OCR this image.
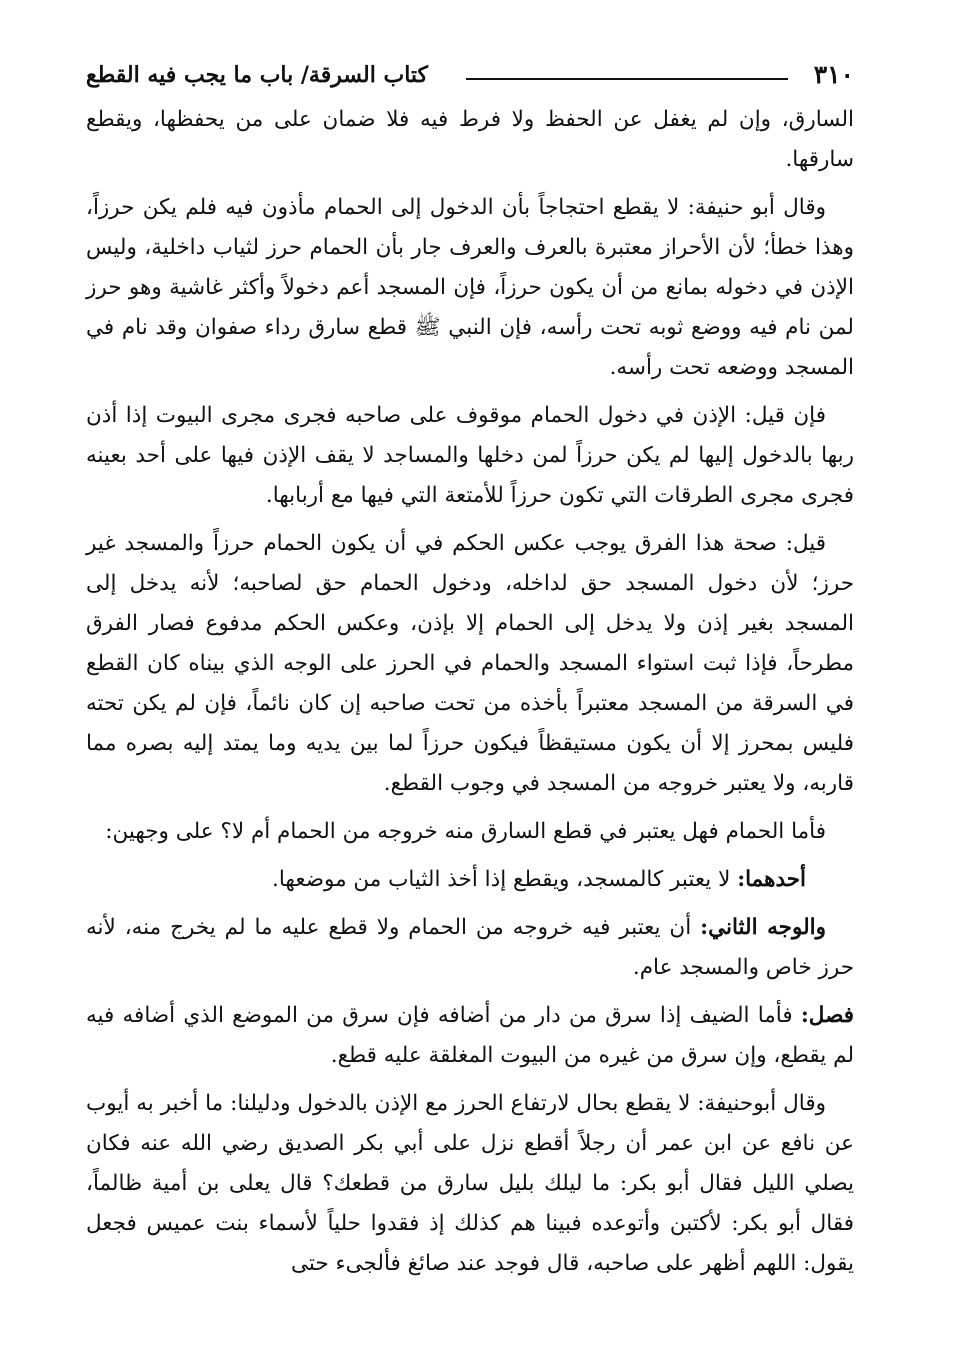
٣١٠
كتاب السرقة/ باب ما يجب فيه القطع

السارق، وإن لم يغفل عن الحفظ ولا فرط فيه فلا ضمان على من يحفظها، ويقطع سارقها.

وقال أبو حنيفة: لا يقطع احتجاجاً بأن الدخول إلى الحمام مأذون فيه فلم يكن حرزاً، وهذا خطأ؛ لأن الأحراز معتبرة بالعرف والعرف جار بأن الحمام حرز لثياب داخلية، وليس الإذن في دخوله بمانع من أن يكون حرزاً، فإن المسجد أعم دخولاً وأكثر غاشية وهو حرز لمن نام فيه ووضع ثوبه تحت رأسه، فإن النبي ﷺ قطع سارق رداء صفوان وقد نام في المسجد ووضعه تحت رأسه.

فإن قيل: الإذن في دخول الحمام موقوف على صاحبه فجرى مجرى البيوت إذا أذن ربها بالدخول إليها لم يكن حرزاً لمن دخلها والمساجد لا يقف الإذن فيها على أحد بعينه فجرى مجرى الطرقات التي تكون حرزاً للأمتعة التي فيها مع أربابها.

قيل: صحة هذا الفرق يوجب عكس الحكم في أن يكون الحمام حرزاً والمسجد غير حرز؛ لأن دخول المسجد حق لداخله، ودخول الحمام حق لصاحبه؛ لأنه يدخل إلى المسجد بغير إذن ولا يدخل إلى الحمام إلا بإذن، وعكس الحكم مدفوع فصار الفرق مطرحاً، فإذا ثبت استواء المسجد والحمام في الحرز على الوجه الذي بيناه كان القطع في السرقة من المسجد معتبراً بأخذه من تحت صاحبه إن كان نائماً، فإن لم يكن تحته فليس بمحرز إلا أن يكون مستيقظاً فيكون حرزاً لما بين يديه وما يمتد إليه بصره مما قاربه، ولا يعتبر خروجه من المسجد في وجوب القطع.

فأما الحمام فهل يعتبر في قطع السارق منه خروجه من الحمام أم لا؟ على وجهين:

أحدهما: لا يعتبر كالمسجد، ويقطع إذا أخذ الثياب من موضعها.

والوجه الثاني: أن يعتبر فيه خروجه من الحمام ولا قطع عليه ما لم يخرج منه، لأنه حرز خاص والمسجد عام.

فصل: فأما الضيف إذا سرق من دار من أضافه فإن سرق من الموضع الذي أضافه فيه لم يقطع، وإن سرق من غيره من البيوت المغلقة عليه قطع.

وقال أبوحنيفة: لا يقطع بحال لارتفاع الحرز مع الإذن بالدخول ودليلنا: ما أخبر به أيوب عن نافع عن ابن عمر أن رجلاً أقطع نزل على أبي بكر الصديق رضي الله عنه فكان يصلي الليل فقال أبو بكر: ما ليلك بليل سارق من قطعك؟ قال يعلى بن أمية ظالماً، فقال أبو بكر: لأكتبن وأتوعده فبينا هم كذلك إذ فقدوا حلياً لأسماء بنت عميس فجعل يقول: اللهم أظهر على صاحبه، قال فوجد عند صائغ فألجىء حتى
